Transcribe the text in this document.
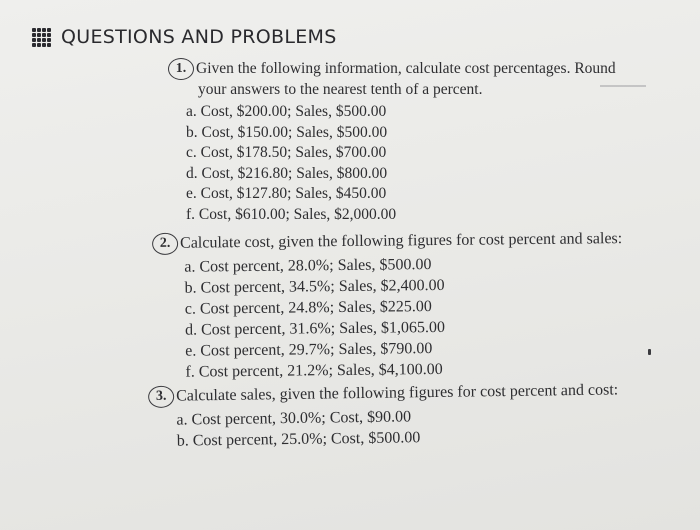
QUESTIONS AND PROBLEMS
1. Given the following information, calculate cost percentages. Round
your answers to the nearest tenth of a percent.
a. Cost, $200.00; Sales, $500.00
b. Cost, $150.00; Sales, $500.00
c. Cost, $178.50; Sales, $700.00
d. Cost, $216.80; Sales, $800.00
e. Cost, $127.80; Sales, $450.00
f. Cost, $610.00; Sales, $2,000.00
2. Calculate cost, given the following figures for cost percent and sales:
a. Cost percent, 28.0%; Sales, $500.00
b. Cost percent, 34.5%; Sales, $2,400.00
c. Cost percent, 24.8%; Sales, $225.00
d. Cost percent, 31.6%; Sales, $1,065.00
e. Cost percent, 29.7%; Sales, $790.00
f. Cost percent, 21.2%; Sales, $4,100.00
3. Calculate sales, given the following figures for cost percent and cost:
a. Cost percent, 30.0%; Cost, $90.00
b. Cost percent, 25.0%; Cost, $500.00
